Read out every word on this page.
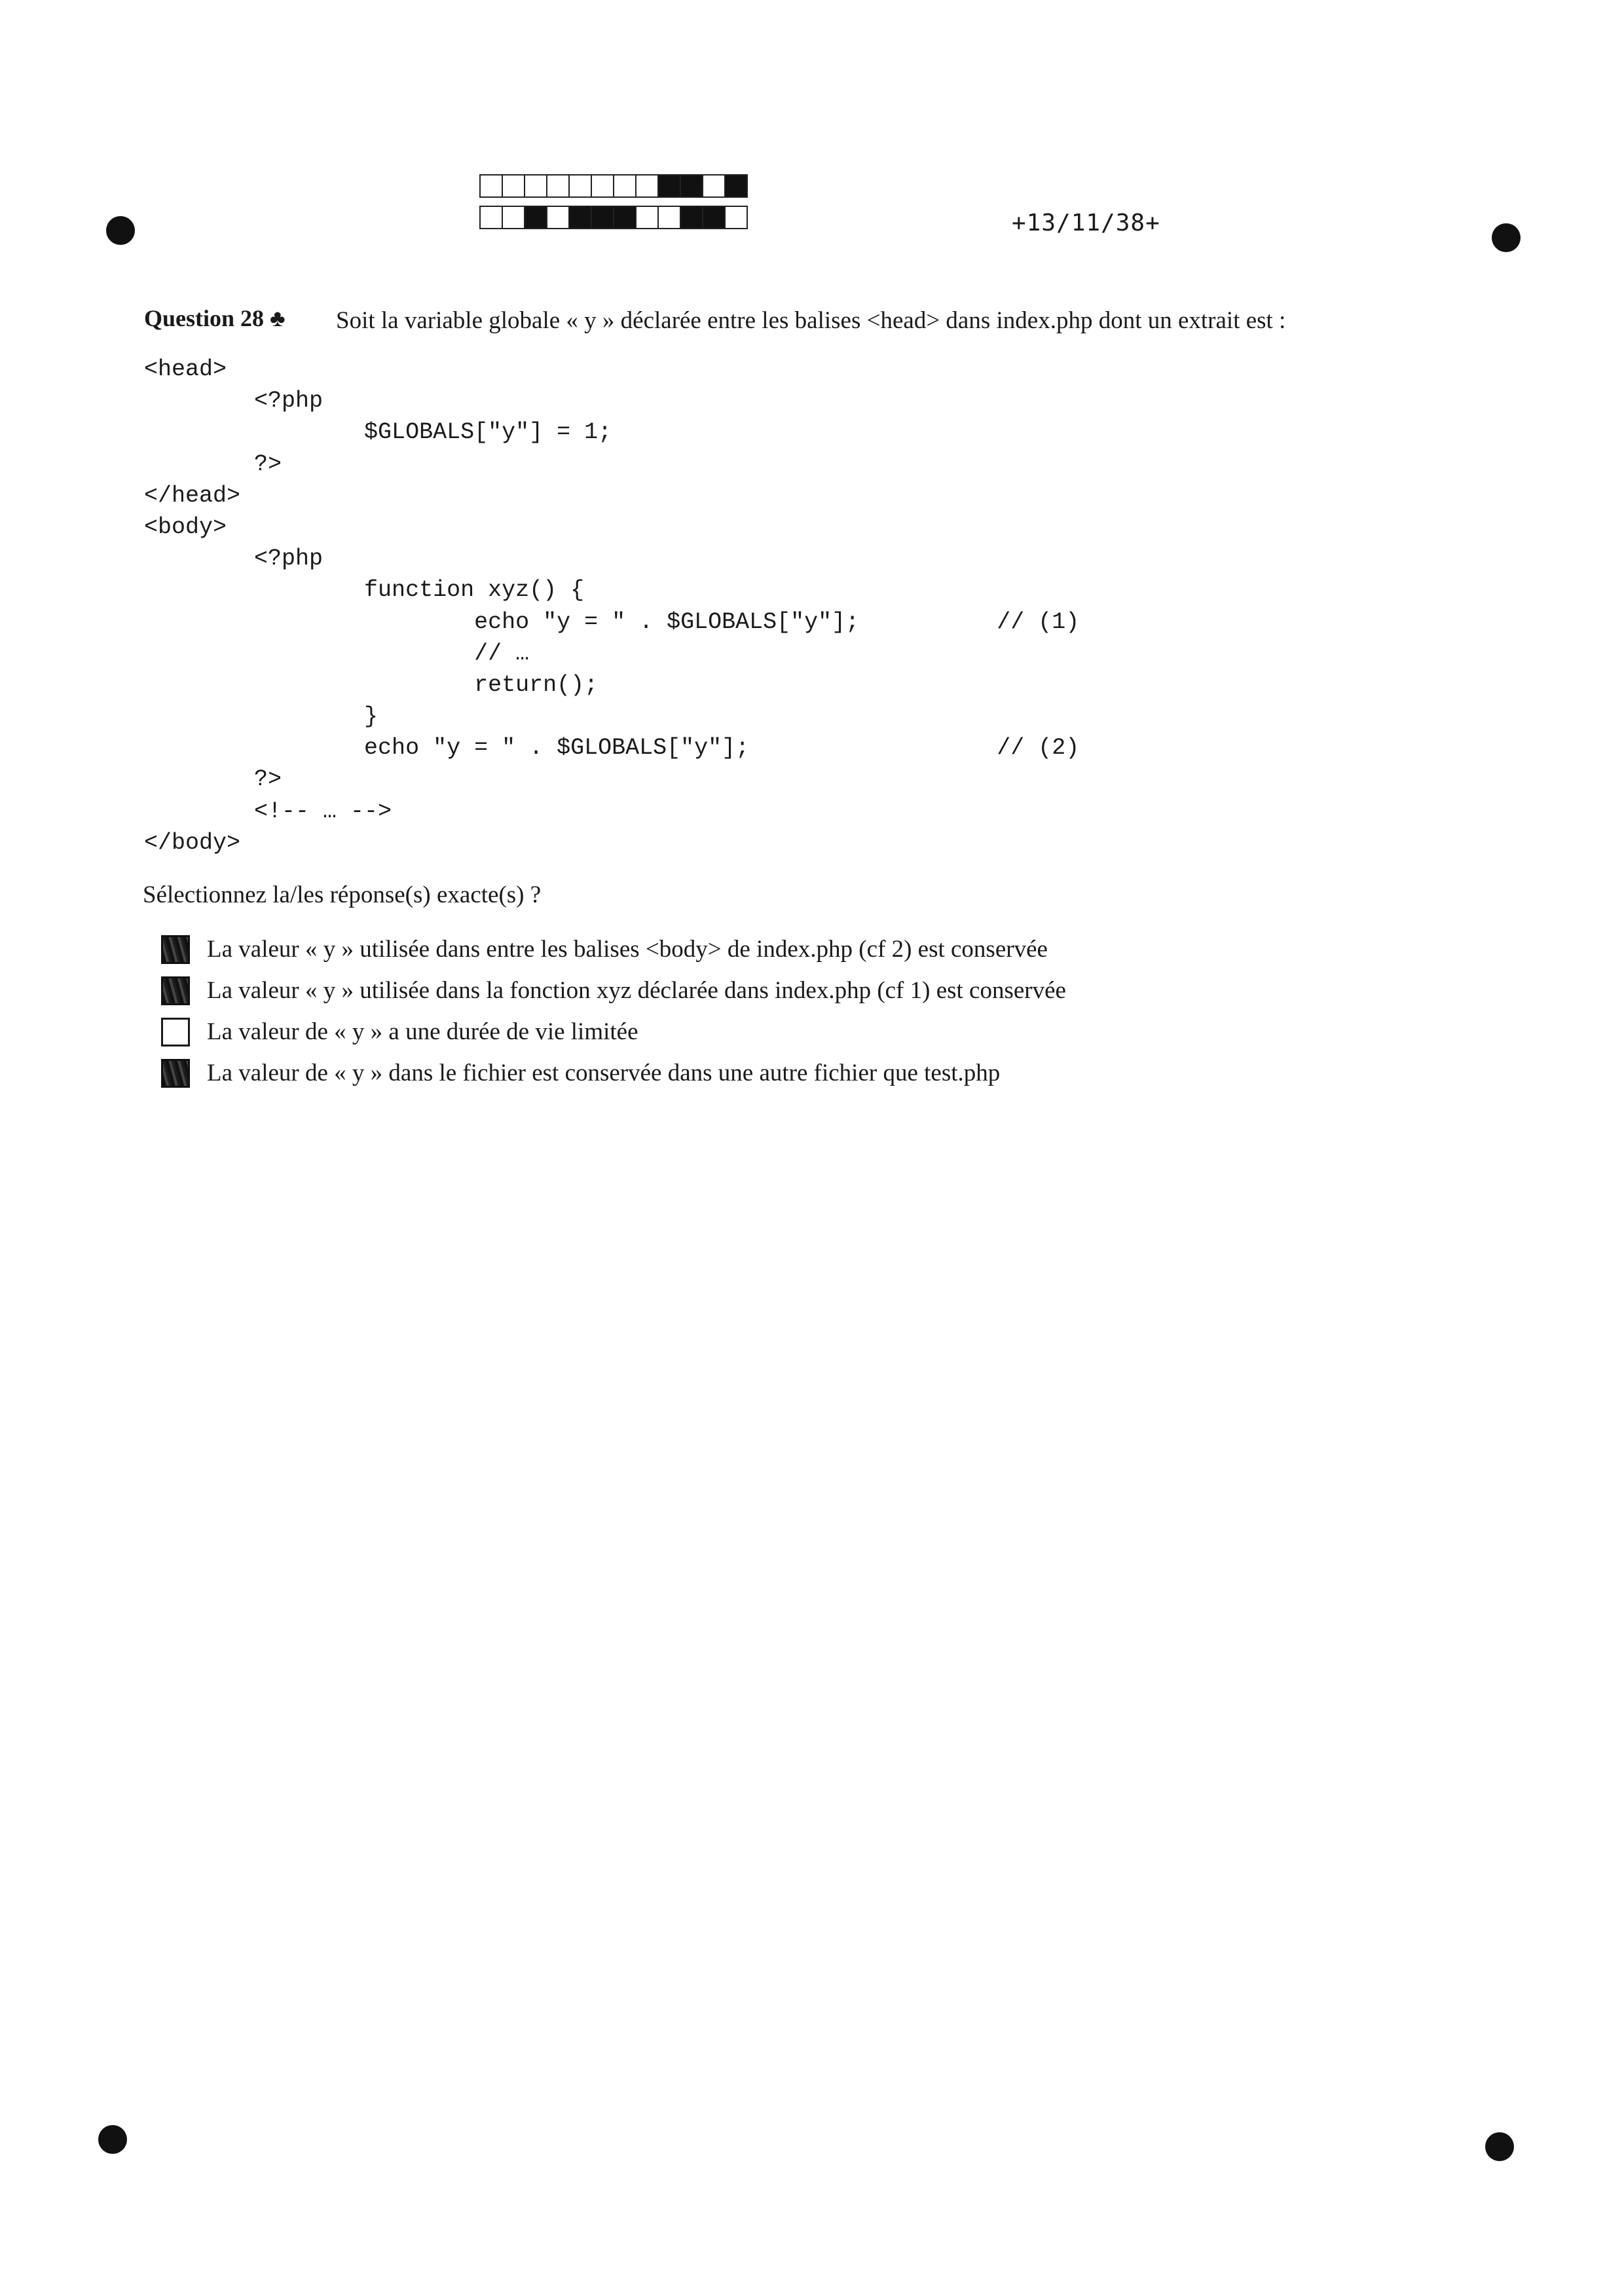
+13/11/38+
Question 28 ♣ Soit la variable globale « y » déclarée entre les balises <head> dans index.php dont un extrait est :
<head>
<?php
$GLOBALS["y"] = 1;
?>
</head>
<body>
<?php
function xyz() {
echo "y = " . $GLOBALS["y"];          // (1)
// …
return();
}
echo "y = " . $GLOBALS["y"];                  // (2)
?>
<!-- … -->
</body>
Sélectionnez la/les réponse(s) exacte(s) ?
La valeur « y » utilisée dans entre les balises <body> de index.php (cf 2) est conservée
La valeur « y » utilisée dans la fonction xyz déclarée dans index.php (cf 1) est conservée
La valeur de « y » a une durée de vie limitée
La valeur de « y » dans le fichier est conservée dans une autre fichier que test.php
